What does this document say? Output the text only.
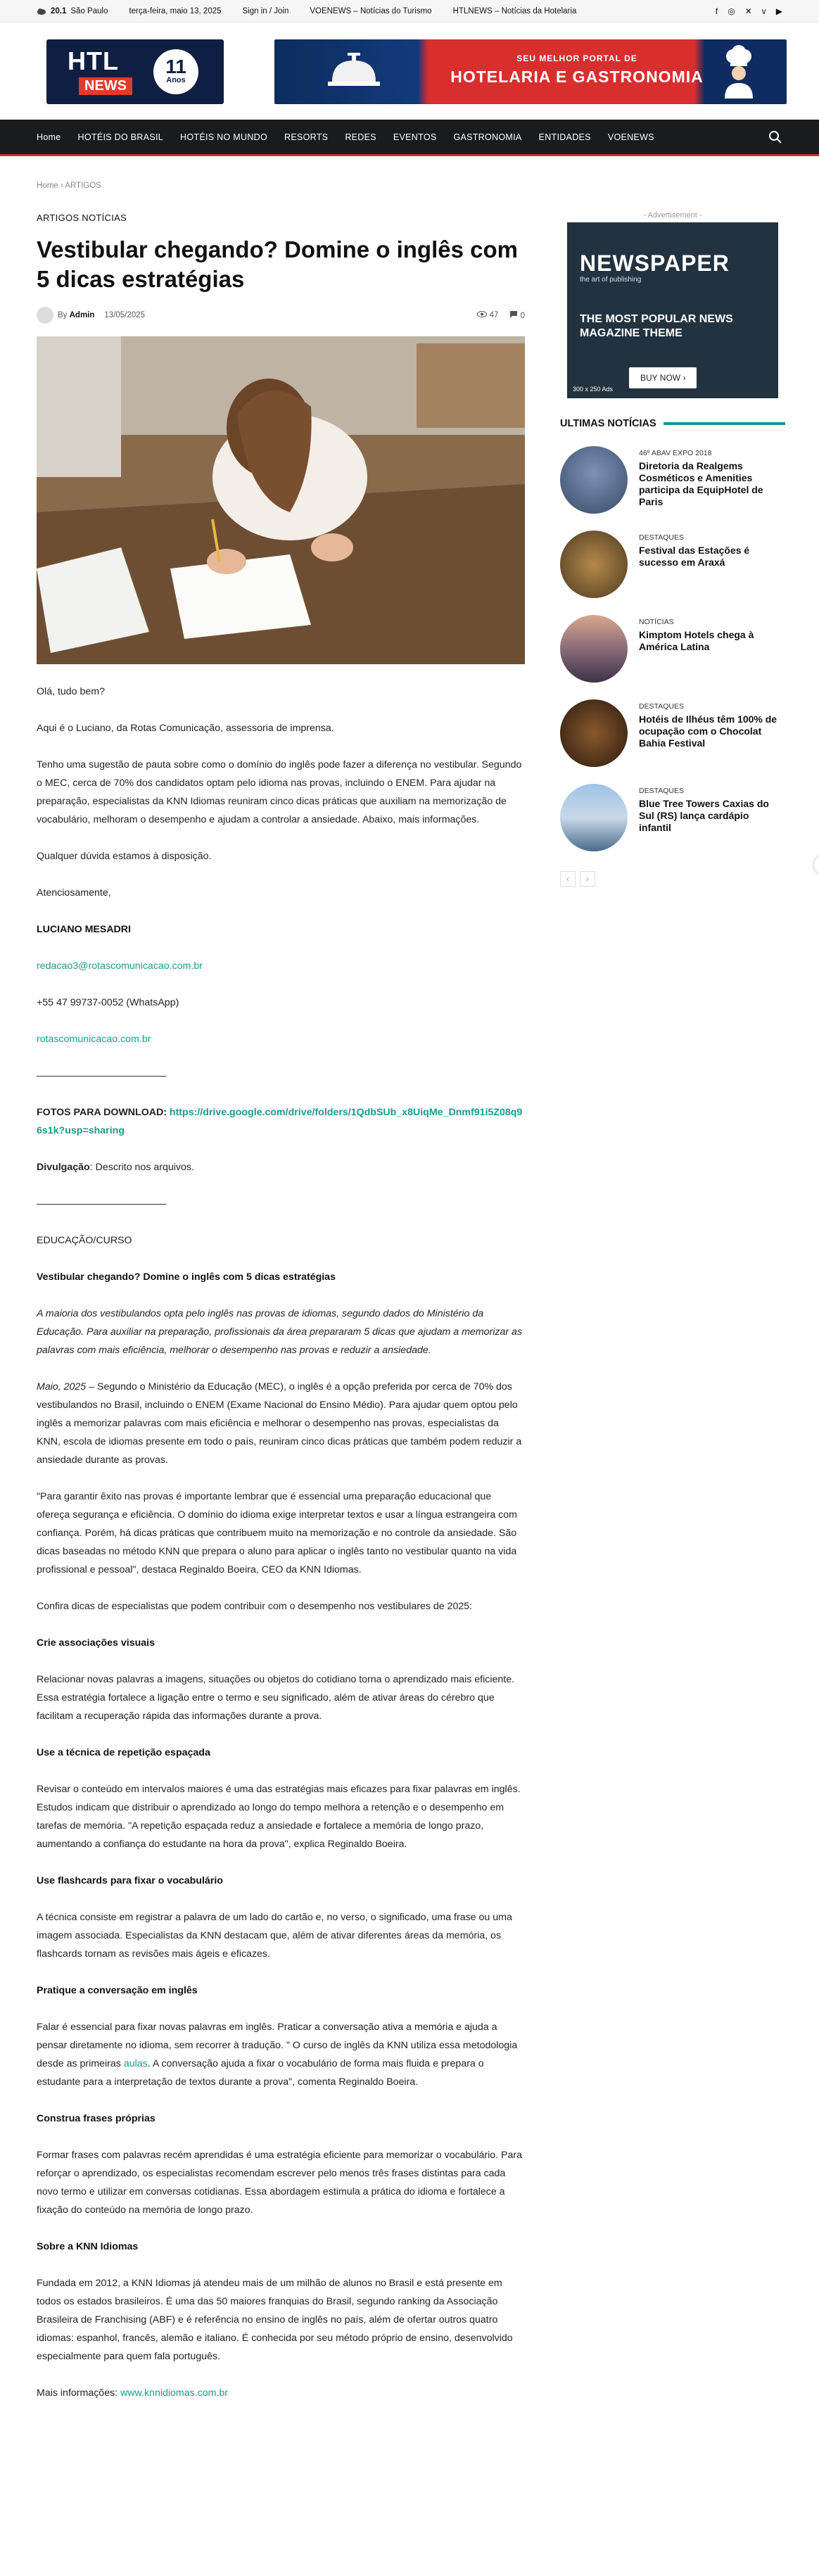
20.1 São Paulo	terça-feira, maio 13, 2025	Sign in / Join	VOENEWS – Notícias do Turismo	HTLNEWS – Notícias da Hotelaria	f ◎ ✕ v ▶
HTL
NEWS
11
Anos
SEU MELHOR PORTAL DE
HOTELARIA E GASTRONOMIA
Home HOTÉIS DO BRASIL HOTÉIS NO MUNDO RESORTS REDES EVENTOS GASTRONOMIA ENTIDADES VOENEWS
Home › ARTIGOS
ARTIGOS NOTÍCIAS
Vestibular chegando? Domine o inglês com 5 dicas estratégias
By Admin 13/05/2025	47	0

Olá, tudo bem?

Aqui é o Luciano, da Rotas Comunicação, assessoria de imprensa.

Tenho uma sugestão de pauta sobre como o domínio do inglês pode fazer a diferença no vestibular. Segundo o MEC, cerca de 70% dos candidatos optam pelo idioma nas provas, incluindo o ENEM. Para ajudar na preparação, especialistas da KNN Idiomas reuniram cinco dicas práticas que auxiliam na memorização de vocabulário, melhoram o desempenho e ajudam a controlar a ansiedade. Abaixo, mais informações.

Qualquer dúvida estamos à disposição.

Atenciosamente,

LUCIANO MESADRI

redacao3@rotascomunicacao.com.br

+55 47 99737-0052 (WhatsApp)

rotascomunicacao.com.br

—————————————

FOTOS PARA DOWNLOAD: https://drive.google.com/drive/folders/1QdbSUb_x8UiqMe_Dnmf91i5Z08q96s1k?usp=sharing

Divulgação: Descrito nos arquivos.

—————————————

EDUCAÇÃO/CURSO

Vestibular chegando? Domine o inglês com 5 dicas estratégias

A maioria dos vestibulandos opta pelo inglês nas provas de idiomas, segundo dados do Ministério da Educação. Para auxiliar na preparação, profissionais da área prepararam 5 dicas que ajudam a memorizar as palavras com mais eficiência, melhorar o desempenho nas provas e reduzir a ansiedade.

Maio, 2025 – Segundo o Ministério da Educação (MEC), o inglês é a opção preferida por cerca de 70% dos vestibulandos no Brasil, incluindo o ENEM (Exame Nacional do Ensino Médio). Para ajudar quem optou pelo inglês a memorizar palavras com mais eficiência e melhorar o desempenho nas provas, especialistas da KNN, escola de idiomas presente em todo o país, reuniram cinco dicas práticas que também podem reduzir a ansiedade durante as provas.

"Para garantir êxito nas provas é importante lembrar que é essencial uma preparação educacional que ofereça segurança e eficiência. O domínio do idioma exige interpretar textos e usar a língua estrangeira com confiança. Porém, há dicas práticas que contribuem muito na memorização e no controle da ansiedade. São dicas baseadas no método KNN que prepara o aluno para aplicar o inglês tanto no vestibular quanto na vida profissional e pessoal", destaca Reginaldo Boeira, CEO da KNN Idiomas.

Confira dicas de especialistas que podem contribuir com o desempenho nos vestibulares de 2025:

Crie associações visuais

Relacionar novas palavras a imagens, situações ou objetos do cotidiano torna o aprendizado mais eficiente. Essa estratégia fortalece a ligação entre o termo e seu significado, além de ativar áreas do cérebro que facilitam a recuperação rápida das informações durante a prova.

Use a técnica de repetição espaçada

Revisar o conteúdo em intervalos maiores é uma das estratégias mais eficazes para fixar palavras em inglês. Estudos indicam que distribuir o aprendizado ao longo do tempo melhora a retenção e o desempenho em tarefas de memória. "A repetição espaçada reduz a ansiedade e fortalece a memória de longo prazo, aumentando a confiança do estudante na hora da prova", explica Reginaldo Boeira.

Use flashcards para fixar o vocabulário

A técnica consiste em registrar a palavra de um lado do cartão e, no verso, o significado, uma frase ou uma imagem associada. Especialistas da KNN destacam que, além de ativar diferentes áreas da memória, os flashcards tornam as revisões mais ágeis e eficazes.

Pratique a conversação em inglês

Falar é essencial para fixar novas palavras em inglês. Praticar a conversação ativa a memória e ajuda a pensar diretamente no idioma, sem recorrer à tradução. " O curso de inglês da KNN utiliza essa metodologia desde as primeiras aulas. A conversação ajuda a fixar o vocabulário de forma mais fluida e prepara o estudante para a interpretação de textos durante a prova", comenta Reginaldo Boeira.

Construa frases próprias

Formar frases com palavras recém aprendidas é uma estratégia eficiente para memorizar o vocabulário. Para reforçar o aprendizado, os especialistas recomendam escrever pelo menos três frases distintas para cada novo termo e utilizar em conversas cotidianas. Essa abordagem estimula a prática do idioma e fortalece a fixação do conteúdo na memória de longo prazo.

Sobre a KNN Idiomas

Fundada em 2012, a KNN Idiomas já atendeu mais de um milhão de alunos no Brasil e está presente em todos os estados brasileiros. É uma das 50 maiores franquias do Brasil, segundo ranking da Associação Brasileira de Franchising (ABF) e é referência no ensino de inglês no país, além de ofertar outros quatro idiomas: espanhol, francês, alemão e italiano. É conhecida por seu método próprio de ensino, desenvolvido especialmente para quem fala português.

Mais informações: www.knnidiomas.com.br

- Advertisement -
NEWSPAPER
the art of publishing
THE MOST POPULAR NEWS MAGAZINE THEME
BUY NOW ›
300 x 250 Ads
ULTIMAS NOTÍCIAS
46º ABAV EXPO 2018
Diretoria da Realgems Cosméticos e Amenities participa da EquipHotel de Paris
DESTAQUES
Festival das Estações é sucesso em Araxá
NOTÍCIAS
Kimptom Hotels chega à América Latina
DESTAQUES
Hotéis de Ilhéus têm 100% de ocupação com o Chocolat Bahia Festival
DESTAQUES
Blue Tree Towers Caxias do Sul (RS) lança cardápio infantil
‹	›
